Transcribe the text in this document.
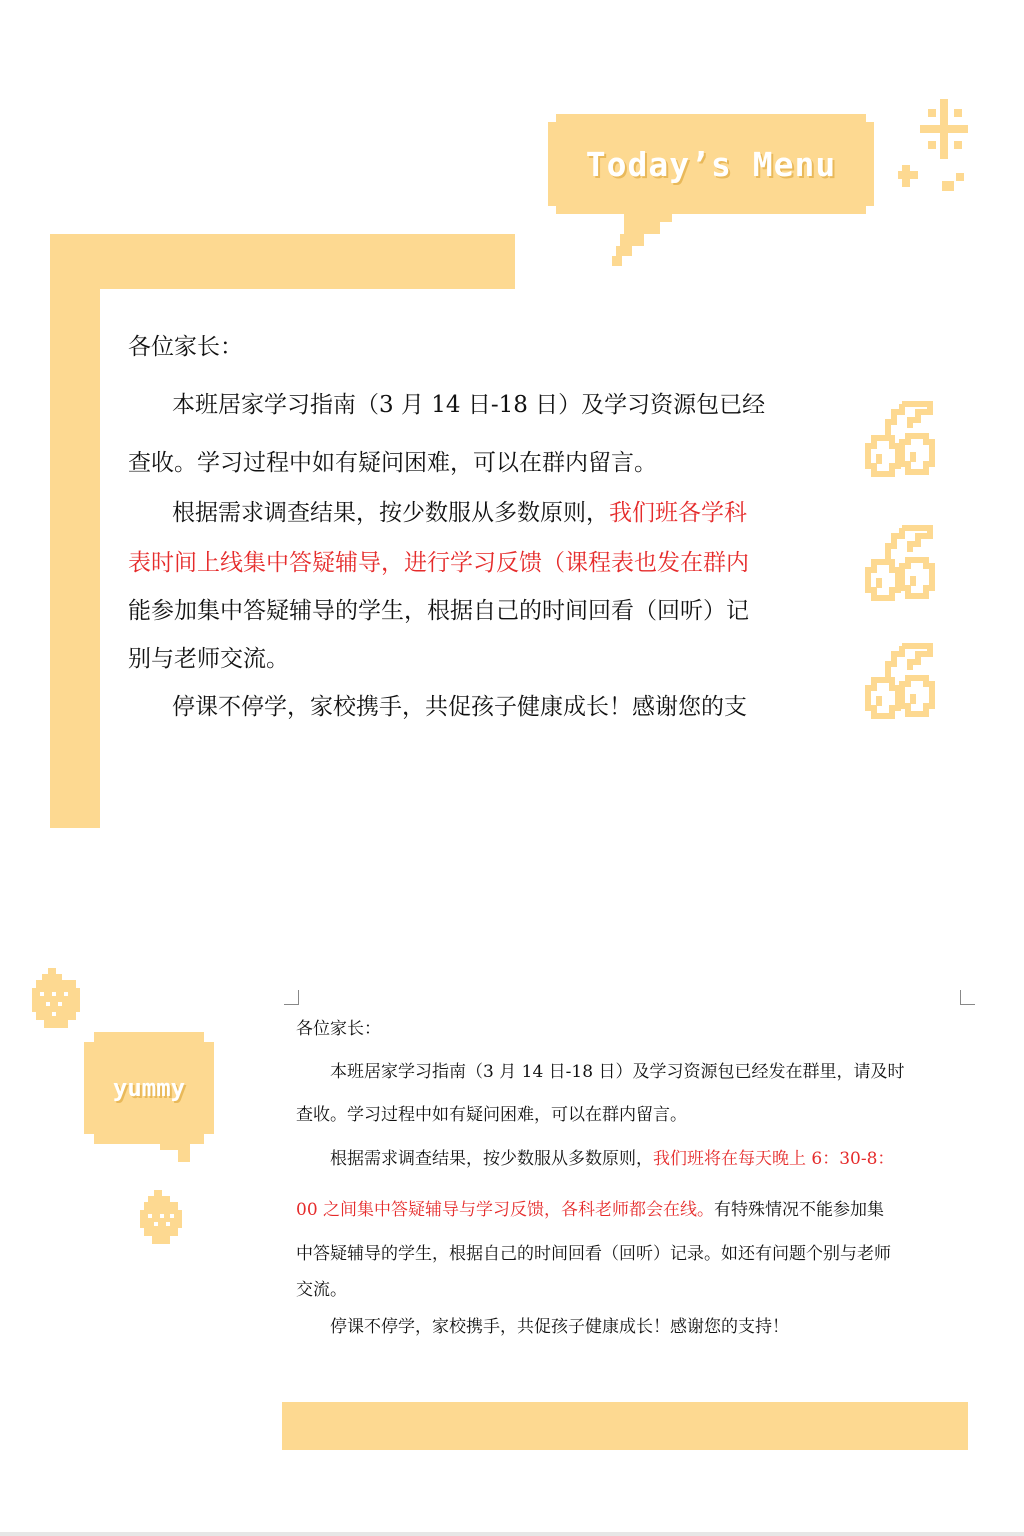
Today’s Menu
各位家长：
本班居家学习指南（3 月 14 日-18 日）及学习资源包已经
查收。学习过程中如有疑问困难，可以在群内留言。
根据需求调查结果，按少数服从多数原则，我们班各学科
表时间上线集中答疑辅导，进行学习反馈（课程表也发在群内
能参加集中答疑辅导的学生，根据自己的时间回看（回听）记
别与老师交流。
停课不停学，家校携手，共促孩子健康成长！感谢您的支
yummy
各位家长：
本班居家学习指南（3 月 14 日-18 日）及学习资源包已经发在群里，请及时
查收。学习过程中如有疑问困难，可以在群内留言。
根据需求调查结果，按少数服从多数原则，我们班将在每天晚上 6：30-8：
00 之间集中答疑辅导与学习反馈，各科老师都会在线。有特殊情况不能参加集
中答疑辅导的学生，根据自己的时间回看（回听）记录。如还有问题个别与老师
交流。
停课不停学，家校携手，共促孩子健康成长！感谢您的支持！
